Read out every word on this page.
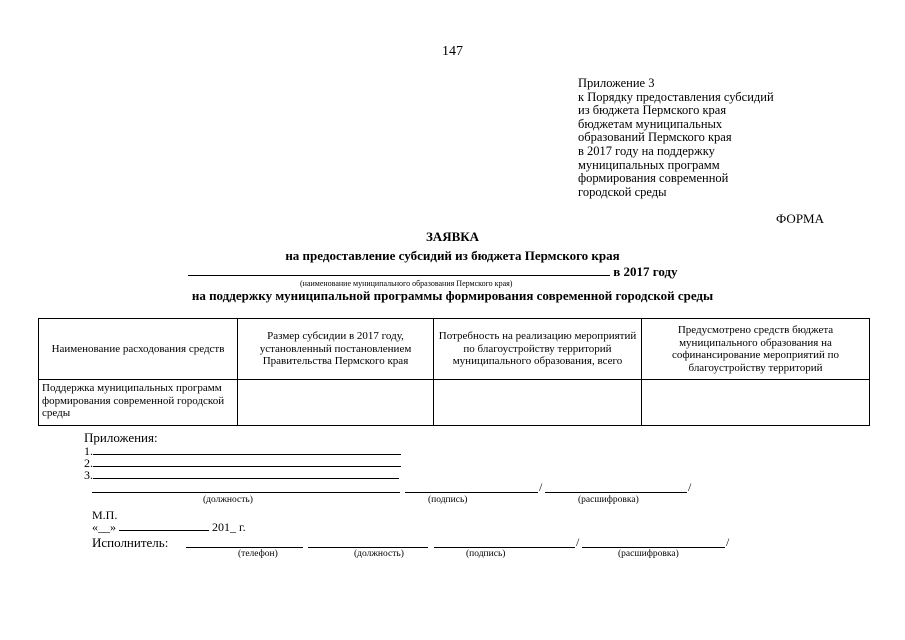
147
Приложение 3
к Порядку предоставления субсидий
из бюджета Пермского края
бюджетам муниципальных
образований Пермского края
в 2017 году на поддержку
муниципальных программ
формирования современной
городской среды
ФОРМА
ЗАЯВКА
на предоставление субсидий из бюджета Пермского края
в 2017 году
(наименование муниципального образования Пермского края)
на поддержку муниципальной программы формирования современной городской среды
Наименование расходования средств	Размер субсидии в 2017 году, установленный постановлением Правительства Пермского края	Потребность на реализацию мероприятий по благоустройству территорий муниципального образования, всего	Предусмотрено средств бюджета муниципального образования на софинансирование мероприятий по благоустройству территорий
Поддержка муниципальных программ формирования современной городской среды			
Приложения:
1.
2.
3.
/	/
(должность)	(подпись)	(расшифровка)
М.П.
«__»	201_ г.
Исполнитель:	/	/
(телефон)	(должность)	(подпись)	(расшифровка)
